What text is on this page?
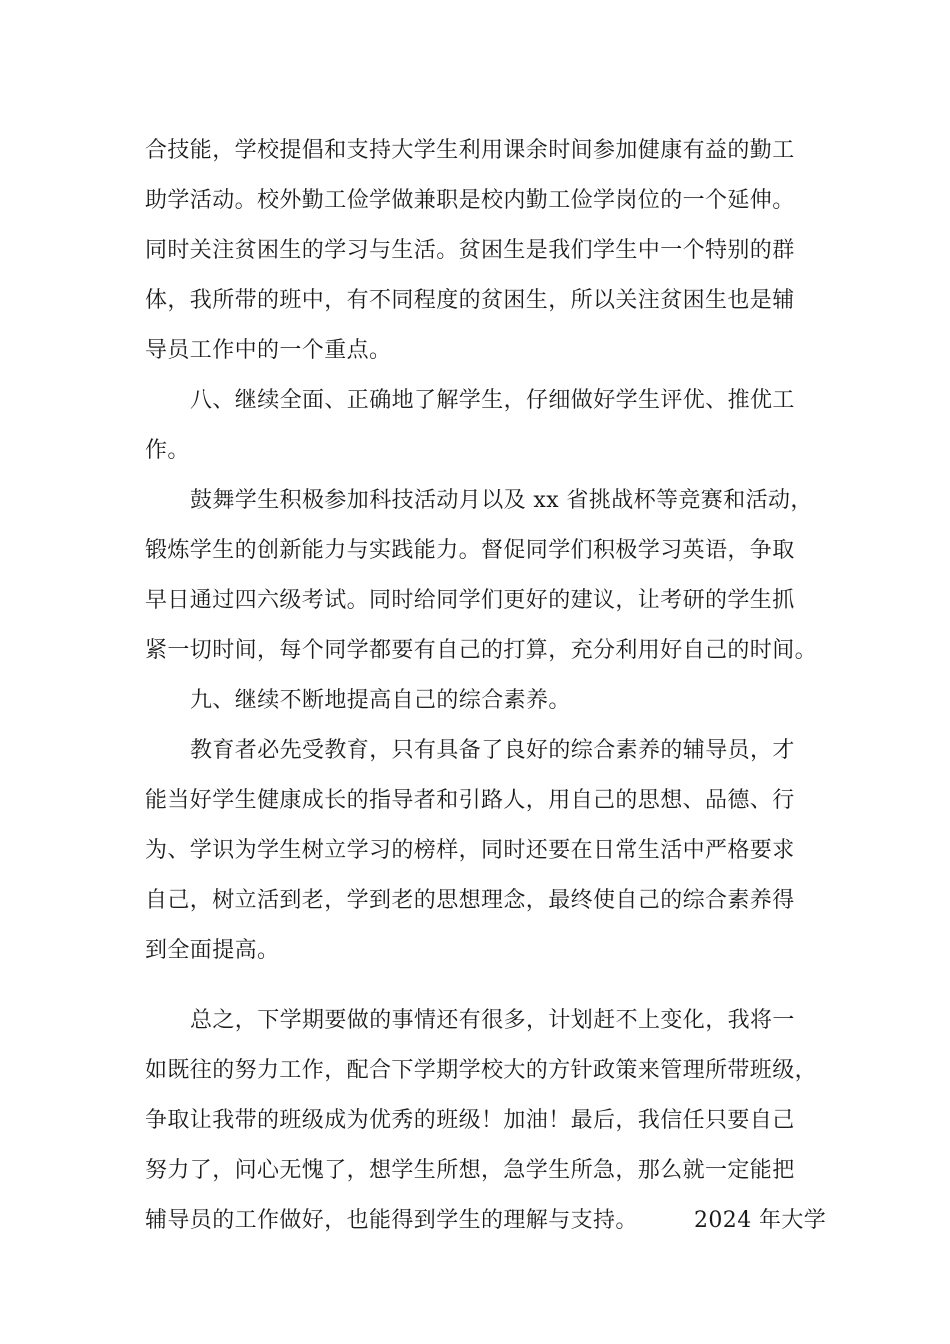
合技能，学校提倡和支持大学生利用课余时间参加健康有益的勤工
助学活动。校外勤工俭学做兼职是校内勤工俭学岗位的一个延伸。
同时关注贫困生的学习与生活。贫困生是我们学生中一个特别的群
体，我所带的班中，有不同程度的贫困生，所以关注贫困生也是辅
导员工作中的一个重点。
八、继续全面、正确地了解学生，仔细做好学生评优、推优工
作。
鼓舞学生积极参加科技活动月以及 xx 省挑战杯等竞赛和活动，
锻炼学生的创新能力与实践能力。督促同学们积极学习英语，争取
早日通过四六级考试。同时给同学们更好的建议，让考研的学生抓
紧一切时间，每个同学都要有自己的打算，充分利用好自己的时间。
九、继续不断地提高自己的综合素养。
教育者必先受教育，只有具备了良好的综合素养的辅导员，才
能当好学生健康成长的指导者和引路人，用自己的思想、品德、行
为、学识为学生树立学习的榜样，同时还要在日常生活中严格要求
自己，树立活到老，学到老的思想理念，最终使自己的综合素养得
到全面提高。
总之，下学期要做的事情还有很多，计划赶不上变化，我将一
如既往的努力工作，配合下学期学校大的方针政策来管理所带班级，
争取让我带的班级成为优秀的班级！加油！最后，我信任只要自己
努力了，问心无愧了，想学生所想，急学生所急，那么就一定能把
辅导员的工作做好，也能得到学生的理解与支持。　　　2024 年大学
